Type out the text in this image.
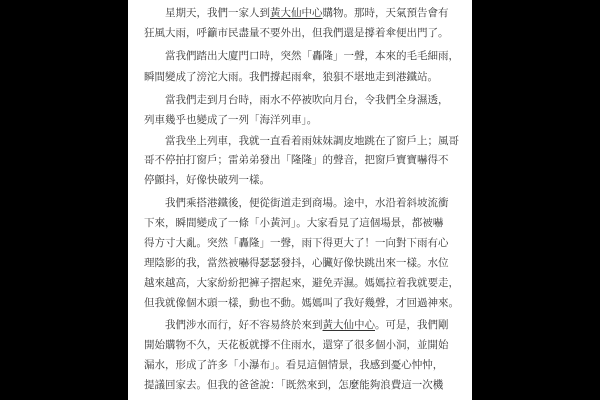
　　星期天，我們一家人到黃大仙中心購物。那時，天氣預告會有
狂風大雨，呼籲市民盡量不要外出，但我們還是撐着傘便出門了。
　　當我們踏出大廈門口時，突然「轟隆」一聲，本來的毛毛細雨，
瞬間變成了滂沱大雨。我們撐起雨傘，狼狽不堪地走到港鐵站。
　　當我們走到月台時，雨水不停被吹向月台，令我們全身濕透，
列車幾乎也變成了一列「海洋列車」。
　　當我坐上列車，我就一直看着雨妹妹調皮地跳在了窗戶上；風哥
哥不停拍打窗戶；雷弟弟發出「隆隆」的聲音，把窗戶寶寶嚇得不
停顫抖，好像快破列一樣。
　　我們乘搭港鐵後，便從街道走到商場。途中，水沿着斜坡流衝
下來，瞬間變成了一條「小黃河」。大家看見了這個場景，都被嚇
得方寸大亂。突然「轟隆」一聲，雨下得更大了！一向對下雨有心
理陰影的我，當然被嚇得瑟瑟發抖，心臟好像快跳出來一樣。水位
越來越高，大家紛紛把褲子摺起來，避免弄濕。媽媽拉着我就要走，
但我就像個木頭一樣，動也不動。媽媽叫了我好幾聲，才回過神來。
　　我們涉水而行，好不容易終於來到黃大仙中心。可是，我們剛
開始購物不久，天花板就撐不住雨水，還穿了很多個小洞，並開始
漏水，形成了許多「小瀑布」。看見這個情景，我感到憂心忡忡，
提議回家去。但我的爸爸說：「既然來到，怎麼能夠浪費這一次機
